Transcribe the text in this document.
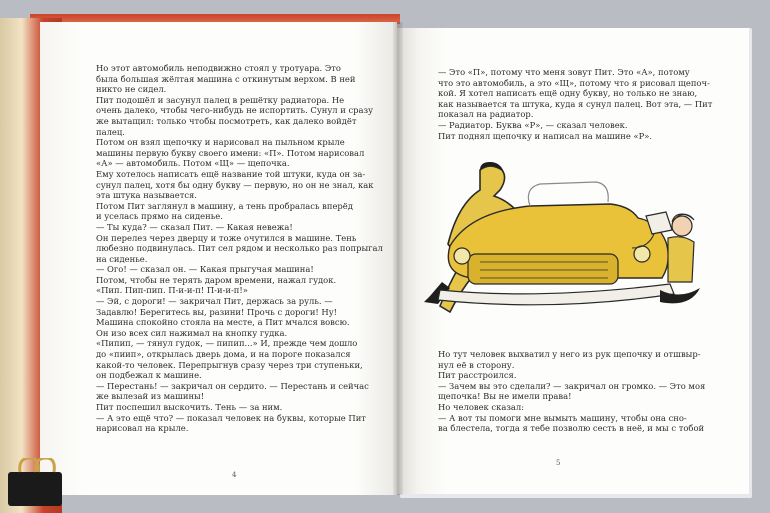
Но этот автомобиль неподвижно стоял у тротуара. Это

была большая жёлтая машина с откинутым верхом. В ней

никто не сидел.

Пит подошёл и засунул палец в решётку радиатора. Не

очень далеко, чтобы чего-нибудь не испортить. Сунул и сразу

же вытащил: только чтобы посмотреть, как далеко войдёт

палец.

Потом он взял щепочку и нарисовал на пыльном крыле

машины первую букву своего имени: «П». Потом нарисовал

«А» — автомобиль. Потом «Щ» — щепочка.

Ему хотелось написать ещё название той штуки, куда он за-

сунул палец, хотя бы одну букву — первую, но он не знал, как

эта штука называется.

Потом Пит заглянул в машину, а тень пробралась вперёд

и уселась прямо на сиденье.

— Ты куда? — сказал Пит. — Какая невежа!

Он перелез через дверцу и тоже очутился в машине. Тень

любезно подвинулась. Пит сел рядом и несколько раз попрыгал

на сиденье.

— Ого! — сказал он. — Какая прыгучая машина!

Потом, чтобы не терять даром времени, нажал гудок.

«Пип. Пип-пип. П-и-и-п! П-и-и-п!»

— Эй, с дороги! — закричал Пит, держась за руль. —

Задавлю! Берегитесь вы, разини! Прочь с дороги! Ну!

Машина спокойно стояла на месте, а Пит мчался вовсю.

Он изо всех сил нажимал на кнопку гудка.

«Пипип, — тянул гудок, — пипип...» И, прежде чем дошло

до «пиип», открылась дверь дома, и на пороге показался

какой-то человек. Перепрыгнув сразу через три ступеньки,

он подбежал к машине.

— Перестань! — закричал он сердито. — Перестань и сейчас

же вылезай из машины!

Пит поспешил выскочить. Тень — за ним.

— А это ещё что? — показал человек на буквы, которые Пит

нарисовал на крыле.

4

— Это «П», потому что меня зовут Пит. Это «А», потому

что это автомобиль, а это «Щ», потому что я рисовал щепоч-

кой. Я хотел написать ещё одну букву, но только не знаю,

как называется та штука, куда я сунул палец. Вот эта, — Пит

показал на радиатор.

— Радиатор. Буква «Р», — сказал человек.

Пит поднял щепочку и написал на машине «Р».

Но тут человек выхватил у него из рук щепочку и отшвыр-

нул её в сторону.

Пит расстроился.

— Зачем вы это сделали? — закричал он громко. — Это моя

щепочка! Вы не имели права!

Но человек сказал:

— А вот ты помоги мне вымыть машину, чтобы она сно-

ва блестела, тогда я тебе позволю сесть в неё, и мы с тобой

5
